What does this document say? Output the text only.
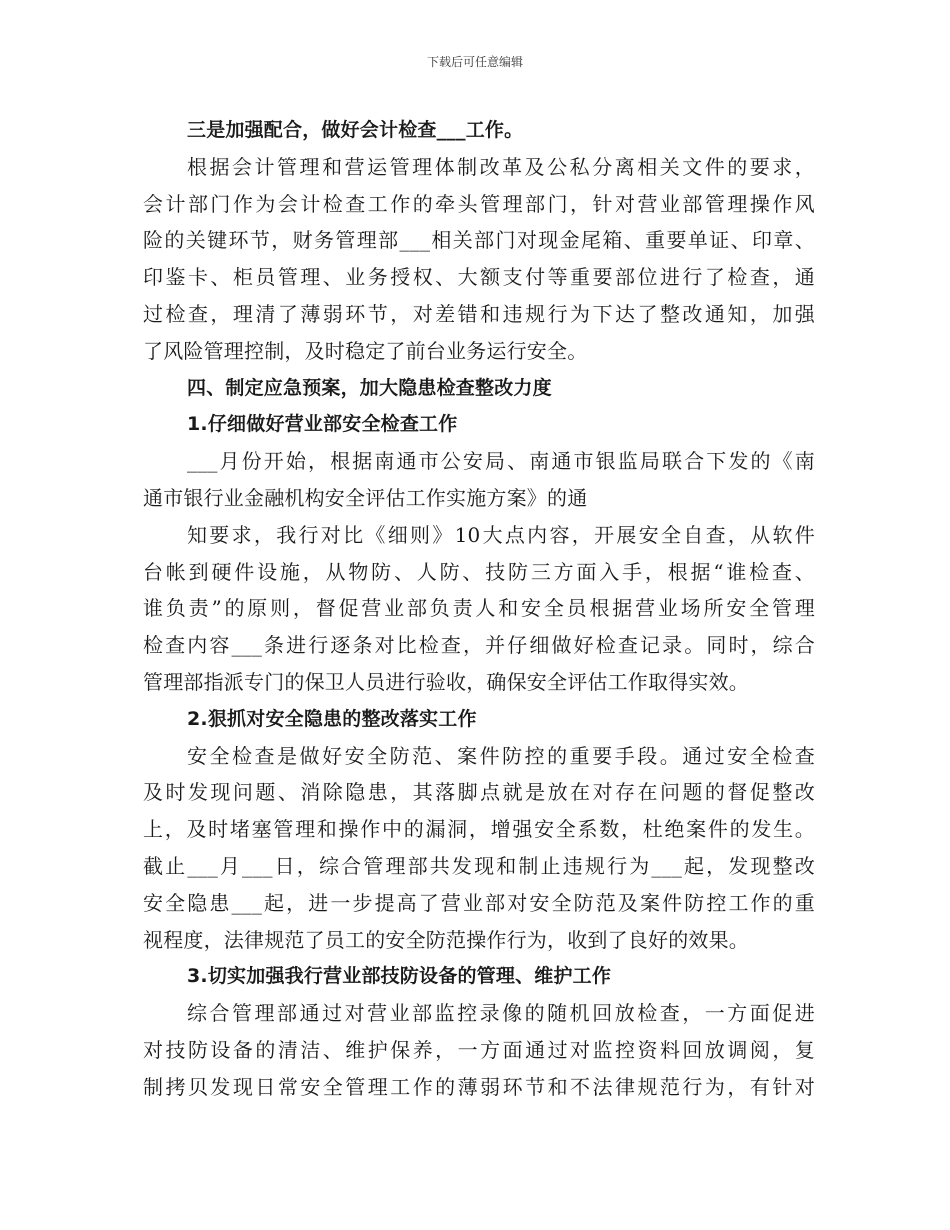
下载后可任意编辑
三是加强配合，做好会计检查___工作。
根据会计管理和营运管理体制改革及公私分离相关文件的要求，
会计部门作为会计检查工作的牵头管理部门，针对营业部管理操作风
险的关键环节，财务管理部___相关部门对现金尾箱、重要单证、印章、
印鉴卡、柜员管理、业务授权、大额支付等重要部位进行了检查，通
过检查，理清了薄弱环节，对差错和违规行为下达了整改通知，加强
了风险管理控制，及时稳定了前台业务运行安全。
四、制定应急预案，加大隐患检查整改力度
1.仔细做好营业部安全检查工作
___月份开始，根据南通市公安局、南通市银监局联合下发的《南
通市银行业金融机构安全评估工作实施方案》的通
知要求，我行对比《细则》10大点内容，开展安全自查，从软件
台帐到硬件设施，从物防、人防、技防三方面入手，根据“谁检查、
谁负责”的原则，督促营业部负责人和安全员根据营业场所安全管理
检查内容___条进行逐条对比检查，并仔细做好检查记录。同时，综合
管理部指派专门的保卫人员进行验收，确保安全评估工作取得实效。
2.狠抓对安全隐患的整改落实工作
安全检查是做好安全防范、案件防控的重要手段。通过安全检查
及时发现问题、消除隐患，其落脚点就是放在对存在问题的督促整改
上，及时堵塞管理和操作中的漏洞，增强安全系数，杜绝案件的发生。
截止___月___日，综合管理部共发现和制止违规行为___起，发现整改
安全隐患___起，进一步提高了营业部对安全防范及案件防控工作的重
视程度，法律规范了员工的安全防范操作行为，收到了良好的效果。
3.切实加强我行营业部技防设备的管理、维护工作
综合管理部通过对营业部监控录像的随机回放检查，一方面促进
对技防设备的清洁、维护保养，一方面通过对监控资料回放调阅，复
制拷贝发现日常安全管理工作的薄弱环节和不法律规范行为，有针对
